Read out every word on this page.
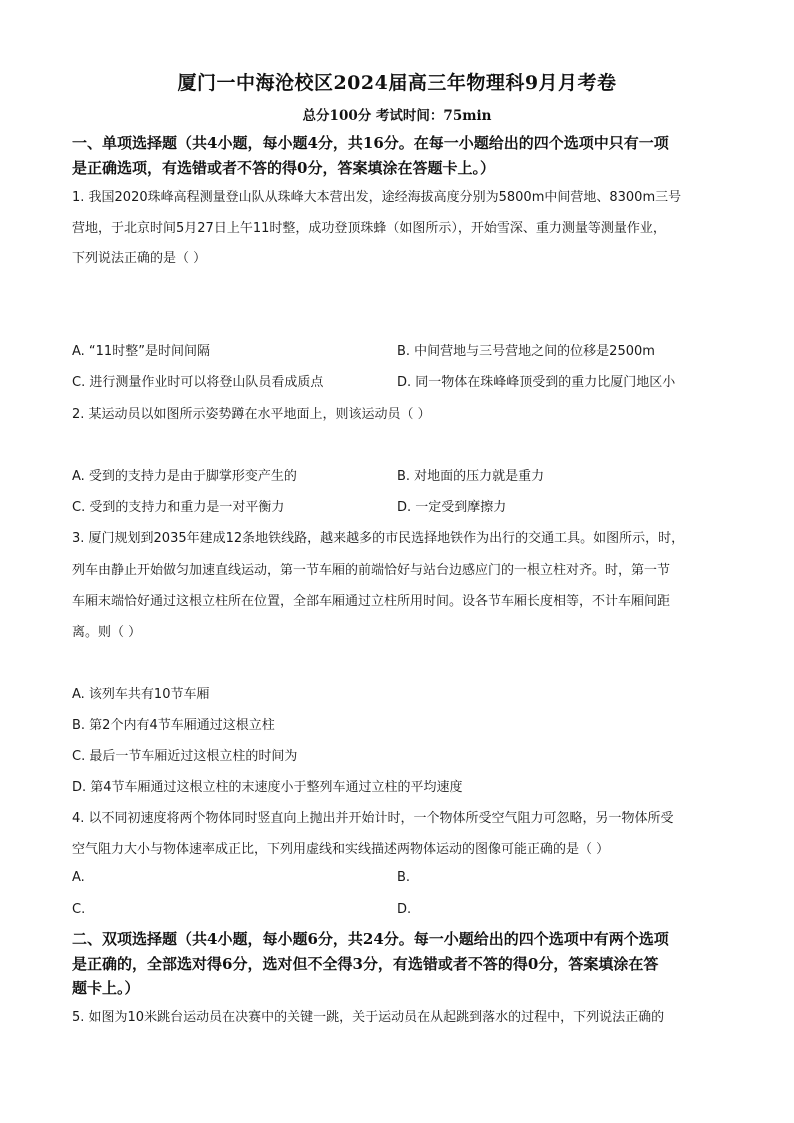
厦门一中海沧校区2024届高三年物理科9月月考卷
总分100分 考试时间：75min
一、单项选择题（共4小题，每小题4分，共16分。在每一小题给出的四个选项中只有一项
是正确选项，有选错或者不答的得0分，答案填涂在答题卡上。）
1. 我国2020珠峰高程测量登山队从珠峰大本营出发，途经海拔高度分别为5800m中间营地、8300m三号
营地，于北京时间5月27日上午11时整，成功登顶珠蜂（如图所示），开始雪深、重力测量等测量作业，
下列说法正确的是（ ）
A. “11时整”是时间间隔	B. 中间营地与三号营地之间的位移是2500m
C. 进行测量作业时可以将登山队员看成质点	D. 同一物体在珠峰峰顶受到的重力比厦门地区小
2. 某运动员以如图所示姿势蹲在水平地面上，则该运动员（ ）
A. 受到的支持力是由于脚掌形变产生的	B. 对地面的压力就是重力
C. 受到的支持力和重力是一对平衡力	D. 一定受到摩擦力
3. 厦门规划到2035年建成12条地铁线路，越来越多的市民选择地铁作为出行的交通工具。如图所示，时，
列车由静止开始做匀加速直线运动，第一节车厢的前端恰好与站台边感应门的一根立柱对齐。时，第一节
车厢末端恰好通过这根立柱所在位置，全部车厢通过立柱所用时间。设各节车厢长度相等，不计车厢间距
离。则（ ）
A. 该列车共有10节车厢
B. 第2个内有4节车厢通过这根立柱
C. 最后一节车厢近过这根立柱的时间为
D. 第4节车厢通过这根立柱的末速度小于整列车通过立柱的平均速度
4. 以不同初速度将两个物体同时竖直向上抛出并开始计时，一个物体所受空气阻力可忽略，另一物体所受
空气阻力大小与物体速率成正比，下列用虚线和实线描述两物体运动的图像可能正确的是（ ）
A.	B.
C.	D.
二、双项选择题（共4小题，每小题6分，共24分。每一小题给出的四个选项中有两个选项
是正确的，全部选对得6分，选对但不全得3分，有选错或者不答的得0分，答案填涂在答
题卡上。）
5. 如图为10米跳台运动员在决赛中的关键一跳，关于运动员在从起跳到落水的过程中，下列说法正确的
